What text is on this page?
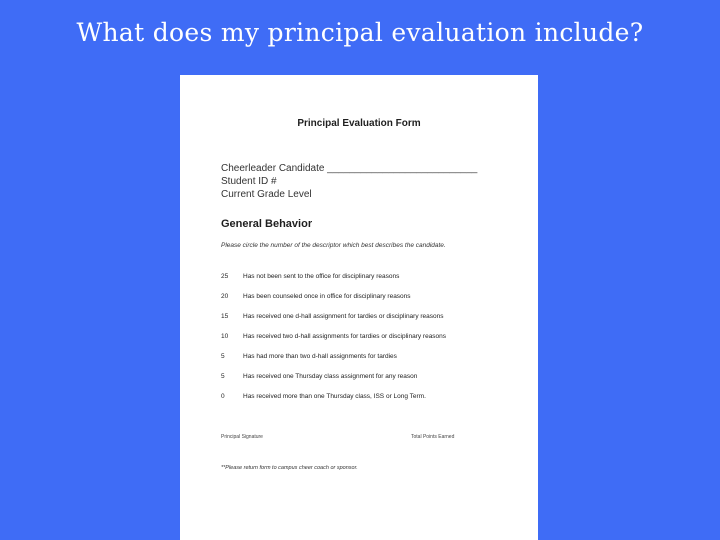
What does my principal evaluation include?
Principal Evaluation Form
Cheerleader Candidate ___________________________
Student ID #
Current Grade Level
General Behavior
Please circle the number of the descriptor which best describes the candidate.
25 Has not been sent to the office for disciplinary reasons
20 Has been counseled once in office for disciplinary reasons
15 Has received one d-hall assignment for tardies or disciplinary reasons
10 Has received two d-hall assignments for tardies or disciplinary reasons
5	Has had more than two d-hall assignments for tardies
5	Has received one Thursday class assignment for any reason
0	Has received more than one Thursday class, ISS or Long Term.
Principal Signature	Total Points Earned
**Please return form to campus cheer coach or sponsor.
